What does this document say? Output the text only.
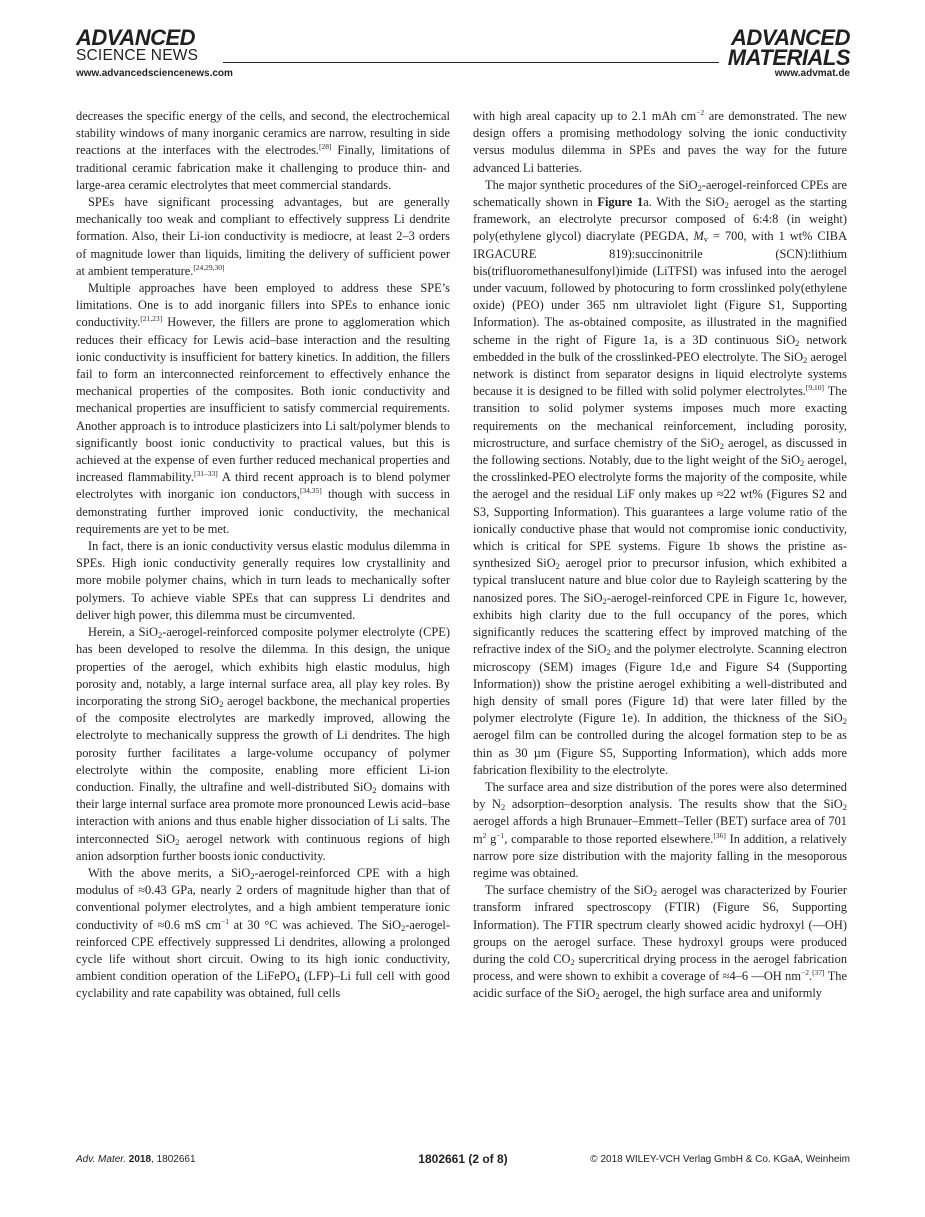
ADVANCED
SCIENCE NEWS
ADVANCED
MATERIALS
www.advancedsciencenews.com	www.advmat.de

decreases the specific energy of the cells, and second, the electrochemical stability windows of many inorganic ceramics are narrow, resulting in side reactions at the interfaces with the electrodes.[28] Finally, limitations of traditional ceramic fabrication make it challenging to produce thin- and large-area ceramic electrolytes that meet commercial standards.

SPEs have significant processing advantages, but are generally mechanically too weak and compliant to effectively suppress Li dendrite formation. Also, their Li-ion conductivity is mediocre, at least 2–3 orders of magnitude lower than liquids, limiting the delivery of sufficient power at ambient temperature.[24,29,30]

Multiple approaches have been employed to address these SPE’s limitations. One is to add inorganic fillers into SPEs to enhance ionic conductivity.[21,23] However, the fillers are prone to agglomeration which reduces their efficacy for Lewis acid–base interaction and the resulting ionic conductivity is insufficient for battery kinetics. In addition, the fillers fail to form an interconnected reinforcement to effectively enhance the mechanical properties of the composites. Both ionic conductivity and mechanical properties are insufficient to satisfy commercial requirements. Another approach is to introduce plasticizers into Li salt/polymer blends to significantly boost ionic conductivity to practical values, but this is achieved at the expense of even further reduced mechanical properties and increased flammability.[31–33] A third recent approach is to blend polymer electrolytes with inorganic ion conductors,[34,35] though with success in demonstrating further improved ionic conductivity, the mechanical requirements are yet to be met.

In fact, there is an ionic conductivity versus elastic modulus dilemma in SPEs. High ionic conductivity generally requires low crystallinity and more mobile polymer chains, which in turn leads to mechanically softer polymers. To achieve viable SPEs that can suppress Li dendrites and deliver high power, this dilemma must be circumvented.

Herein, a SiO$_2$-aerogel-reinforced composite polymer electrolyte (CPE) has been developed to resolve the dilemma. In this design, the unique properties of the aerogel, which exhibits high elastic modulus, high porosity and, notably, a large internal surface area, all play key roles. By incorporating the strong SiO$_2$ aerogel backbone, the mechanical properties of the composite electrolytes are markedly improved, allowing the electrolyte to mechanically suppress the growth of Li dendrites. The high porosity further facilitates a large-volume occupancy of polymer electrolyte within the composite, enabling more efficient Li-ion conduction. Finally, the ultrafine and well-distributed SiO$_2$ domains with their large internal surface area promote more pronounced Lewis acid–base interaction with anions and thus enable higher dissociation of Li salts. The interconnected SiO$_2$ aerogel network with continuous regions of high anion adsorption further boosts ionic conductivity.

With the above merits, a SiO$_2$-aerogel-reinforced CPE with a high modulus of ≈0.43 GPa, nearly 2 orders of magnitude higher than that of conventional polymer electrolytes, and a high ambient temperature ionic conductivity of ≈0.6 mS $cm^{-1}$ at 30 °C was achieved. The SiO$_2$-aerogel-reinforced CPE effectively suppressed Li dendrites, allowing a prolonged cycle life without short circuit. Owing to its high ionic conductivity, ambient condition operation of the LiFePO$_4$ (LFP)–Li full cell with good cyclability and rate capability was obtained, full cells

with high areal capacity up to 2.1 mAh $cm^{-2}$ are demonstrated. The new design offers a promising methodology solving the ionic conductivity versus modulus dilemma in SPEs and paves the way for the future advanced Li batteries.

The major synthetic procedures of the SiO$_2$-aerogel-reinforced CPEs are schematically shown in Figure 1a. With the SiO$_2$ aerogel as the starting framework, an electrolyte precursor composed of 6:4:8 (in weight) poly(ethylene glycol) diacrylate (PEGDA, $M_v = 700$, with 1 wt% CIBA IRGACURE 819):succinonitrile (SCN):lithium bis(trifluoromethanesulfonyl)imide (LiTFSI) was infused into the aerogel under vacuum, followed by photocuring to form crosslinked poly(ethylene oxide) (PEO) under 365 nm ultraviolet light (Figure S1, Supporting Information). The as-obtained composite, as illustrated in the magnified scheme in the right of Figure 1a, is a 3D continuous SiO$_2$ network embedded in the bulk of the crosslinked-PEO electrolyte. The SiO$_2$ aerogel network is distinct from separator designs in liquid electrolyte systems because it is designed to be filled with solid polymer electrolytes.[9,10] The transition to solid polymer systems imposes much more exacting requirements on the mechanical reinforcement, including porosity, microstructure, and surface chemistry of the SiO$_2$ aerogel, as discussed in the following sections. Notably, due to the light weight of the SiO$_2$ aerogel, the crosslinked-PEO electrolyte forms the majority of the composite, while the aerogel and the residual LiF only makes up ≈22 wt% (Figures S2 and S3, Supporting Information). This guarantees a large volume ratio of the ionically conductive phase that would not compromise ionic conductivity, which is critical for SPE systems. Figure 1b shows the pristine as-synthesized SiO$_2$ aerogel prior to precursor infusion, which exhibited a typical translucent nature and blue color due to Rayleigh scattering by the nanosized pores. The SiO$_2$-aerogel-reinforced CPE in Figure 1c, however, exhibits high clarity due to the full occupancy of the pores, which significantly reduces the scattering effect by improved matching of the refractive index of the SiO$_2$ and the polymer electrolyte. Scanning electron microscopy (SEM) images (Figure 1d,e and Figure S4 (Supporting Information)) show the pristine aerogel exhibiting a well-distributed and high density of small pores (Figure 1d) that were later filled by the polymer electrolyte (Figure 1e). In addition, the thickness of the SiO$_2$ aerogel film can be controlled during the alcogel formation step to be as thin as 30 µm (Figure S5, Supporting Information), which adds more fabrication flexibility to the electrolyte.

The surface area and size distribution of the pores were also determined by $N_2$ adsorption–desorption analysis. The results show that the SiO$_2$ aerogel affords a high Brunauer–Emmett–Teller (BET) surface area of 701 $m^2$ $g^{-1}$, comparable to those reported elsewhere.[36] In addition, a relatively narrow pore size distribution with the majority falling in the mesoporous regime was obtained.

The surface chemistry of the SiO$_2$ aerogel was characterized by Fourier transform infrared spectroscopy (FTIR) (Figure S6, Supporting Information). The FTIR spectrum clearly showed acidic hydroxyl (—OH) groups on the aerogel surface. These hydroxyl groups were produced during the cold $CO_2$ supercritical drying process in the aerogel fabrication process, and were shown to exhibit a coverage of ≈4–6 —OH $nm^{-2}.[37]$ The acidic surface of the SiO$_2$ aerogel, the high surface area and uniformly

Adv. Mater. 2018, 1802661	1802661 (2 of 8)	© 2018 WILEY-VCH Verlag GmbH & Co. KGaA, Weinheim
